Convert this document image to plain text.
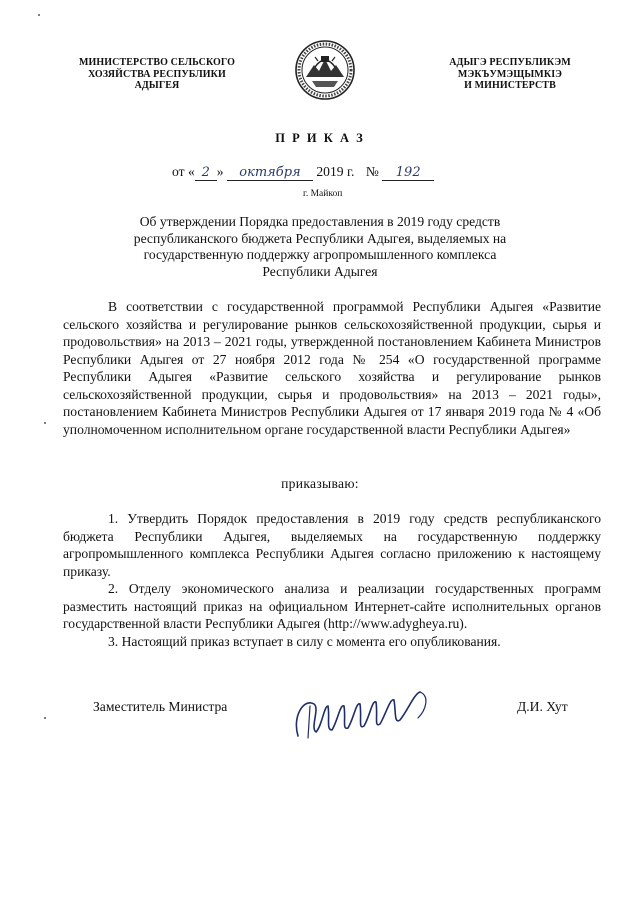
МИНИСТЕРСТВО СЕЛЬСКОГО
ХОЗЯЙСТВА РЕСПУБЛИКИ
АДЫГЕЯ
АДЫГЭ РЕСПУБЛИКЭМ
МЭКЪУМЭЩЫМКIЭ
И МИНИСТЕРСТВ
П Р И К А З
от « 2 » октября 2019 г. № 192
г. Майкоп
Об утверждении Порядка предоставления в 2019 году средств
республиканского бюджета Республики Адыгея, выделяемых на
государственную поддержку агропромышленного комплекса
Республики Адыгея
В соответствии с государственной программой Республики Адыгея «Развитие сельского хозяйства и регулирование рынков сельскохозяйственной продукции, сырья и продовольствия» на 2013 – 2021 годы, утвержденной постановлением Кабинета Министров Республики Адыгея от 27 ноября 2012 года № 254 «О государственной программе Республики Адыгея «Развитие сельского хозяйства и регулирование рынков сельскохозяйственной продукции, сырья и продовольствия» на 2013 – 2021 годы», постановлением Кабинета Министров Республики Адыгея от 17 января 2019 года № 4 «Об уполномоченном исполнительном органе государственной власти Республики Адыгея»
приказываю:
1. Утвердить Порядок предоставления в 2019 году средств республиканского бюджета Республики Адыгея, выделяемых на государственную поддержку агропромышленного комплекса Республики Адыгея согласно приложению к настоящему приказу.
2. Отделу экономического анализа и реализации государственных программ разместить настоящий приказ на официальном Интернет-сайте исполнительных органов государственной власти Республики Адыгея (http://www.adygheya.ru).
3. Настоящий приказ вступает в силу с момента его опубликования.
Заместитель Министра	Д.И. Хут
